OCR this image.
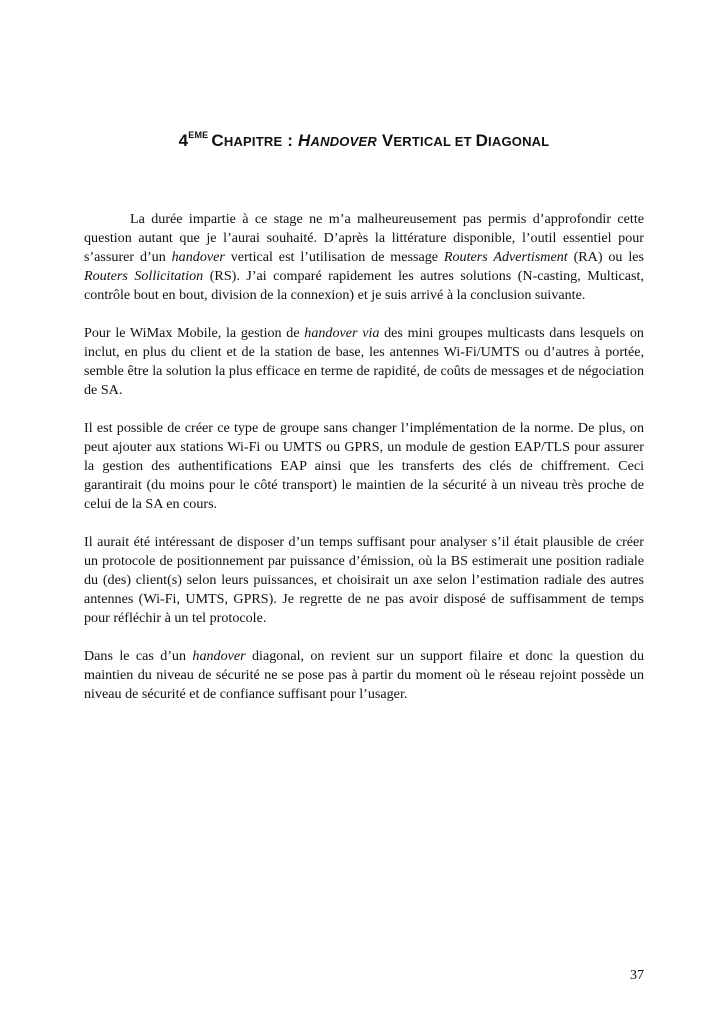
4EME CHAPITRE : HANDOVER VERTICAL ET DIAGONAL

La durée impartie à ce stage ne m’a malheureusement pas permis d’approfondir cette question autant que je l’aurai souhaité. D’après la littérature disponible, l’outil essentiel pour s’assurer d’un handover vertical est l’utilisation de message Routers Advertisment (RA) ou les Routers Sollicitation (RS). J’ai comparé rapidement les autres solutions (N-casting, Multicast, contrôle bout en bout, division de la connexion) et je suis arrivé à la conclusion suivante.

Pour le WiMax Mobile, la gestion de handover via des mini groupes multicasts dans lesquels on inclut, en plus du client et de la station de base, les antennes Wi-Fi/UMTS ou d’autres à portée, semble être la solution la plus efficace en terme de rapidité, de coûts de messages et de négociation de SA.

Il est possible de créer ce type de groupe sans changer l’implémentation de la norme. De plus, on peut ajouter aux stations Wi-Fi ou UMTS ou GPRS, un module de gestion EAP/TLS pour assurer la gestion des authentifications EAP ainsi que les transferts des clés de chiffrement. Ceci garantirait (du moins pour le côté transport) le maintien de la sécurité à un niveau très proche de celui de la SA en cours.

Il aurait été intéressant de disposer d’un temps suffisant pour analyser s’il était plausible de créer un protocole de positionnement par puissance d’émission, où la BS estimerait une position radiale du (des) client(s) selon leurs puissances, et choisirait un axe selon l’estimation radiale des autres antennes (Wi-Fi, UMTS, GPRS). Je regrette de ne pas avoir disposé de suffisamment de temps pour réfléchir à un tel protocole.

Dans le cas d’un handover diagonal, on revient sur un support filaire et donc la question du maintien du niveau de sécurité ne se pose pas à partir du moment où le réseau rejoint possède un niveau de sécurité et de confiance suffisant pour l’usager.

37
